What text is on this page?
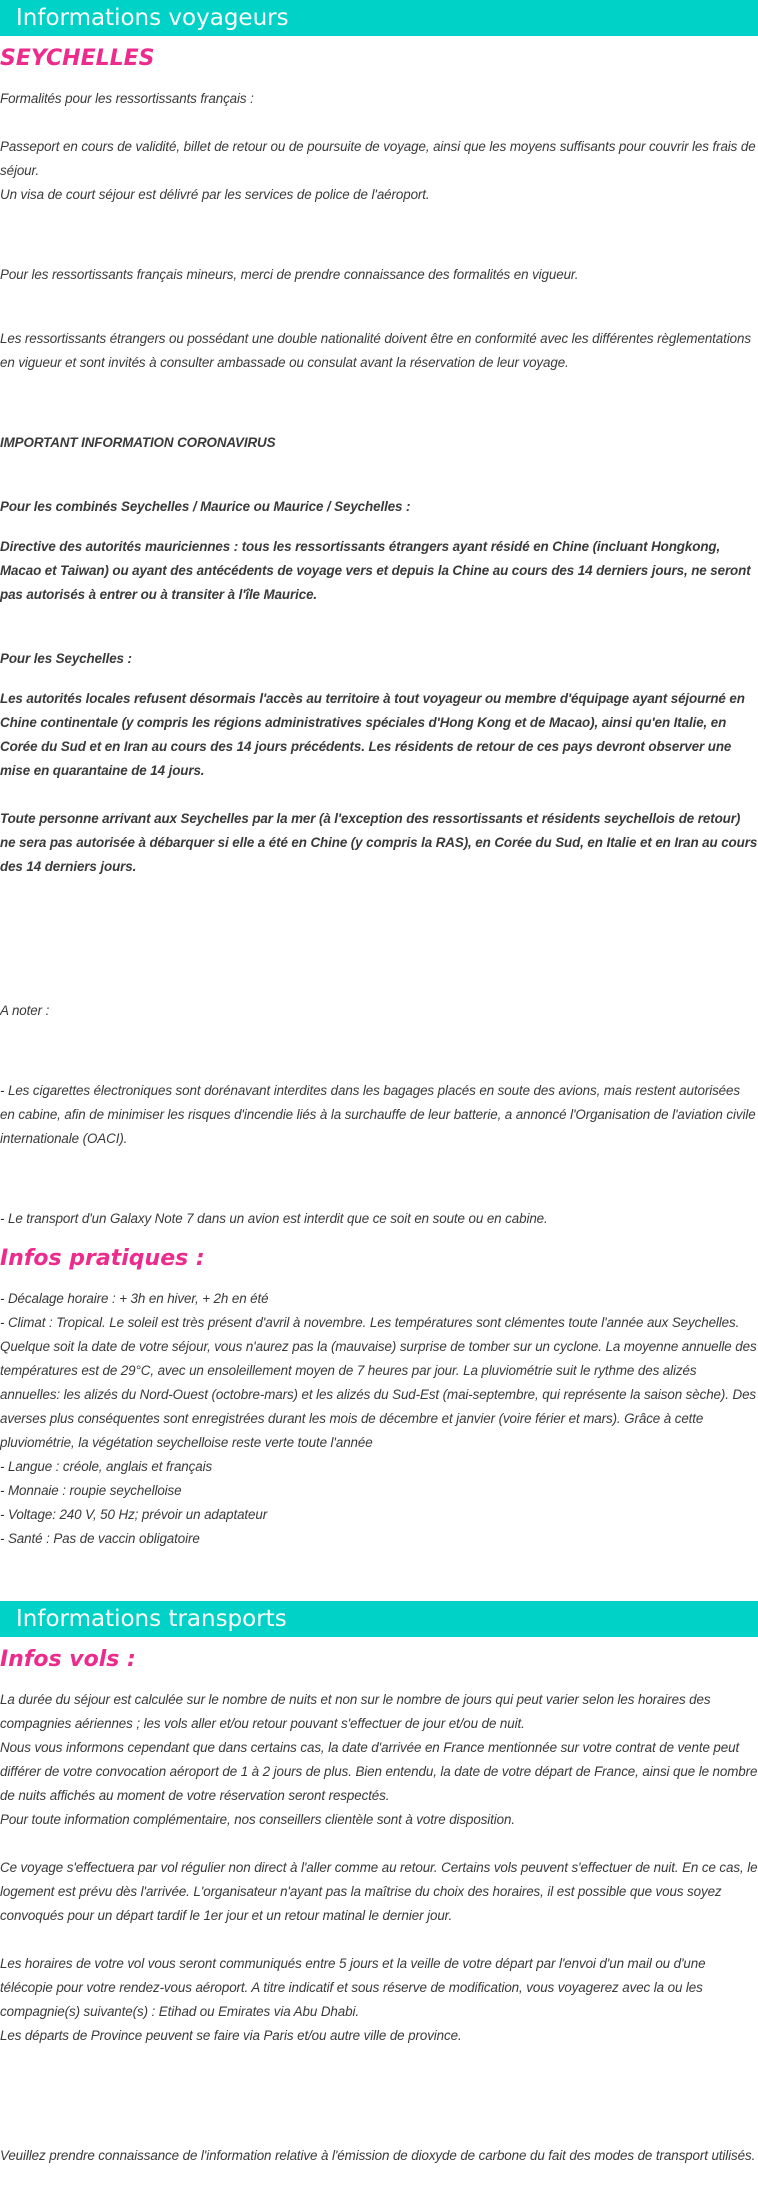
Informations voyageurs
SEYCHELLES

Formalités pour les ressortissants français :

Passeport en cours de validité, billet de retour ou de poursuite de voyage, ainsi que les moyens suffisants pour couvrir les frais de séjour.
Un visa de court séjour est délivré par les services de police de l'aéroport.

Pour les ressortissants français mineurs, merci de prendre connaissance des formalités en vigueur.

Les ressortissants étrangers ou possédant une double nationalité doivent être en conformité avec les différentes règlementations en vigueur et sont invités à consulter ambassade ou consulat avant la réservation de leur voyage.

IMPORTANT INFORMATION CORONAVIRUS

Pour les combinés Seychelles / Maurice ou Maurice / Seychelles :

Directive des autorités mauriciennes : tous les ressortissants étrangers ayant résidé en Chine (incluant Hongkong, Macao et Taiwan) ou ayant des antécédents de voyage vers et depuis la Chine au cours des 14 derniers jours, ne seront pas autorisés à entrer ou à transiter à l'île Maurice.

Pour les Seychelles :

Les autorités locales refusent désormais l'accès au territoire à tout voyageur ou membre d'équipage ayant séjourné en Chine continentale (y compris les régions administratives spéciales d'Hong Kong et de Macao), ainsi qu'en Italie, en Corée du Sud et en Iran au cours des 14 jours précédents. Les résidents de retour de ces pays devront observer une mise en quarantaine de 14 jours.

Toute personne arrivant aux Seychelles par la mer (à l'exception des ressortissants et résidents seychellois de retour) ne sera pas autorisée à débarquer si elle a été en Chine (y compris la RAS), en Corée du Sud, en Italie et en Iran au cours des 14 derniers jours.

A noter :

- Les cigarettes électroniques sont dorénavant interdites dans les bagages placés en soute des avions, mais restent autorisées en cabine, afin de minimiser les risques d'incendie liés à la surchauffe de leur batterie, a annoncé l'Organisation de l'aviation civile internationale (OACI).

- Le transport d'un Galaxy Note 7 dans un avion est interdit que ce soit en soute ou en cabine.

Infos pratiques :
- Décalage horaire : + 3h en hiver, + 2h en été
- Climat : Tropical. Le soleil est très présent d'avril à novembre. Les températures sont clémentes toute l'année aux Seychelles. Quelque soit la date de votre séjour, vous n'aurez pas la (mauvaise) surprise de tomber sur un cyclone. La moyenne annuelle des températures est de 29°C, avec un ensoleillement moyen de 7 heures par jour. La pluviométrie suit le rythme des alizés annuelles: les alizés du Nord-Ouest (octobre-mars) et les alizés du Sud-Est (mai-septembre, qui représente la saison sèche). Des averses plus conséquentes sont enregistrées durant les mois de décembre et janvier (voire férier et mars). Grâce à cette pluviométrie, la végétation seychelloise reste verte toute l'année
- Langue : créole, anglais et français
- Monnaie : roupie seychelloise
- Voltage: 240 V, 50 Hz; prévoir un adaptateur
- Santé : Pas de vaccin obligatoire
Informations transports
Infos vols :
La durée du séjour est calculée sur le nombre de nuits et non sur le nombre de jours qui peut varier selon les horaires des compagnies aériennes ; les vols aller et/ou retour pouvant s'effectuer de jour et/ou de nuit.
Nous vous informons cependant que dans certains cas, la date d'arrivée en France mentionnée sur votre contrat de vente peut différer de votre convocation aéroport de 1 à 2 jours de plus. Bien entendu, la date de votre départ de France, ainsi que le nombre de nuits affichés au moment de votre réservation seront respectés.
Pour toute information complémentaire, nos conseillers clientèle sont à votre disposition.

Ce voyage s'effectuera par vol régulier non direct à l'aller comme au retour. Certains vols peuvent s'effectuer de nuit. En ce cas, le logement est prévu dès l'arrivée. L'organisateur n'ayant pas la maîtrise du choix des horaires, il est possible que vous soyez convoqués pour un départ tardif le 1er jour et un retour matinal le dernier jour.

Les horaires de votre vol vous seront communiqués entre 5 jours et la veille de votre départ par l'envoi d'un mail ou d'une télécopie pour votre rendez-vous aéroport. A titre indicatif et sous réserve de modification, vous voyagerez avec la ou les compagnie(s) suivante(s) : Etihad ou Emirates via Abu Dhabi.
Les départs de Province peuvent se faire via Paris et/ou autre ville de province.

Veuillez prendre connaissance de l'information relative à l'émission de dioxyde de carbone du fait des modes de transport utilisés.
